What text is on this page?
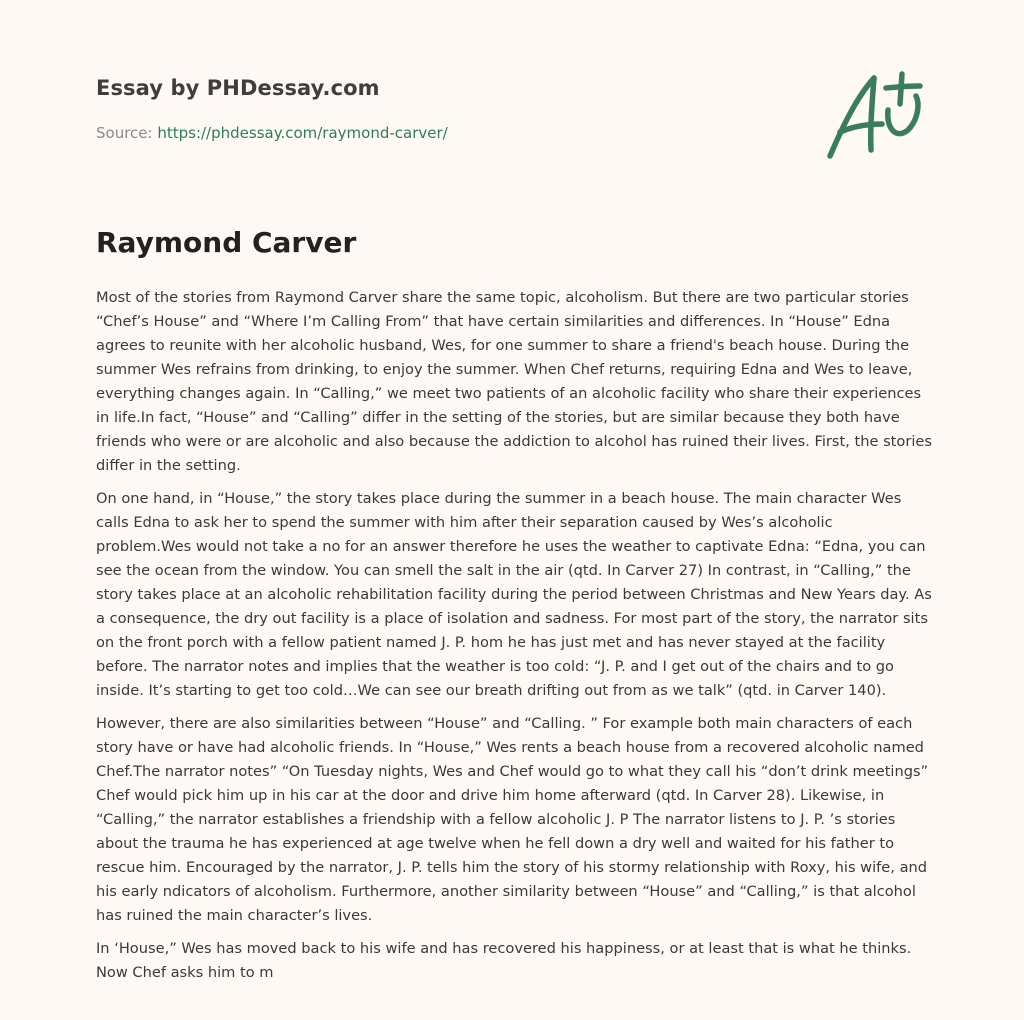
Essay by PHDessay.com
Source: https://phdessay.com/raymond-carver/
Raymond Carver

Most of the stories from Raymond Carver share the same topic, alcoholism. But there are two particular stories “Chef’s House” and “Where I’m Calling From” that have certain similarities and differences. In “House” Edna agrees to reunite with her alcoholic husband, Wes, for one summer to share a friend's beach house. During the summer Wes refrains from drinking, to enjoy the summer. When Chef returns, requiring Edna and Wes to leave, everything changes again. In “Calling,” we meet two patients of an alcoholic facility who share their experiences in life.In fact, “House” and “Calling” differ in the setting of the stories, but are similar because they both have friends who were or are alcoholic and also because the addiction to alcohol has ruined their lives. First, the stories differ in the setting.

On one hand, in “House,” the story takes place during the summer in a beach house. The main character Wes calls Edna to ask her to spend the summer with him after their separation caused by Wes’s alcoholic problem.Wes would not take a no for an answer therefore he uses the weather to captivate Edna: “Edna, you can see the ocean from the window. You can smell the salt in the air (qtd. In Carver 27) In contrast, in “Calling,” the story takes place at an alcoholic rehabilitation facility during the period between Christmas and New Years day. As a consequence, the dry out facility is a place of isolation and sadness. For most part of the story, the narrator sits on the front porch with a fellow patient named J. P. hom he has just met and has never stayed at the facility before. The narrator notes and implies that the weather is too cold: “J. P. and I get out of the chairs and to go inside. It’s starting to get too cold…We can see our breath drifting out from as we talk” (qtd. in Carver 140).

However, there are also similarities between “House” and “Calling. ” For example both main characters of each story have or have had alcoholic friends. In “House,” Wes rents a beach house from a recovered alcoholic named Chef.The narrator notes” “On Tuesday nights, Wes and Chef would go to what they call his “don’t drink meetings” Chef would pick him up in his car at the door and drive him home afterward (qtd. In Carver 28). Likewise, in “Calling,” the narrator establishes a friendship with a fellow alcoholic J. P The narrator listens to J. P. ’s stories about the trauma he has experienced at age twelve when he fell down a dry well and waited for his father to rescue him. Encouraged by the narrator, J. P. tells him the story of his stormy relationship with Roxy, his wife, and his early ndicators of alcoholism. Furthermore, another similarity between “House” and “Calling,” is that alcohol has ruined the main character’s lives.

In ‘House,” Wes has moved back to his wife and has recovered his happiness, or at least that is what he thinks. Now Chef asks him to m
